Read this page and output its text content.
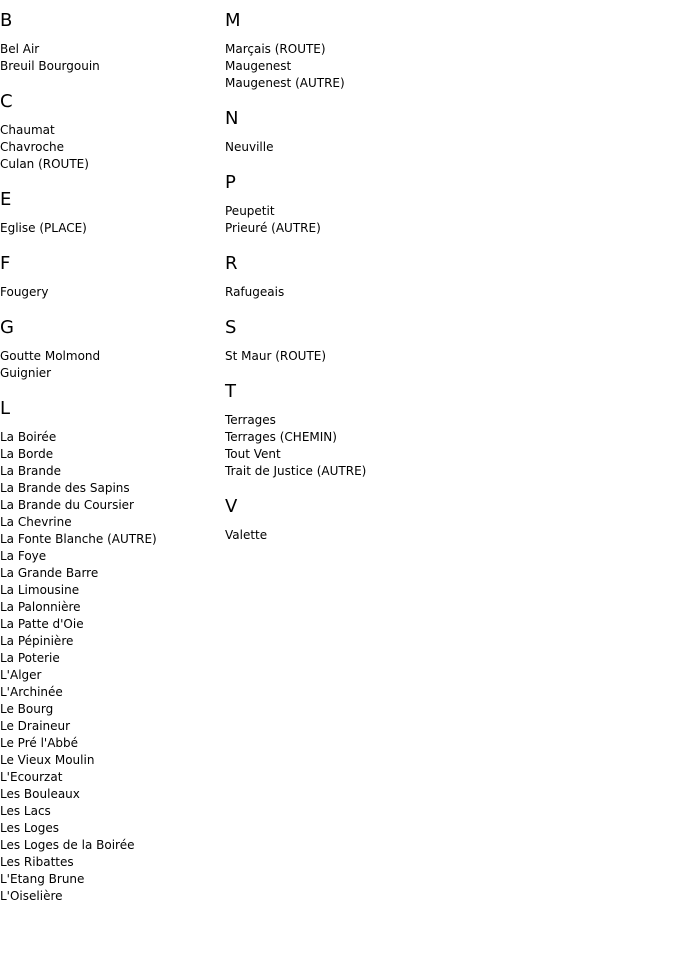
B
Bel Air
Breuil Bourgouin
C
Chaumat
Chavroche
Culan (ROUTE)
E
Eglise (PLACE)
F
Fougery
G
Goutte Molmond
Guignier
L
La Boirée
La Borde
La Brande
La Brande des Sapins
La Brande du Coursier
La Chevrine
La Fonte Blanche (AUTRE)
La Foye
La Grande Barre
La Limousine
La Palonnière
La Patte d'Oie
La Pépinière
La Poterie
L'Alger
L'Archinée
Le Bourg
Le Draineur
Le Pré l'Abbé
Le Vieux Moulin
L'Ecourzat
Les Bouleaux
Les Lacs
Les Loges
Les Loges de la Boirée
Les Ribattes
L'Etang Brune
L'Oiselière
M
Marçais (ROUTE)
Maugenest
Maugenest (AUTRE)
N
Neuville
P
Peupetit
Prieuré (AUTRE)
R
Rafugeais
S
St Maur (ROUTE)
T
Terrages
Terrages (CHEMIN)
Tout Vent
Trait de Justice (AUTRE)
V
Valette
